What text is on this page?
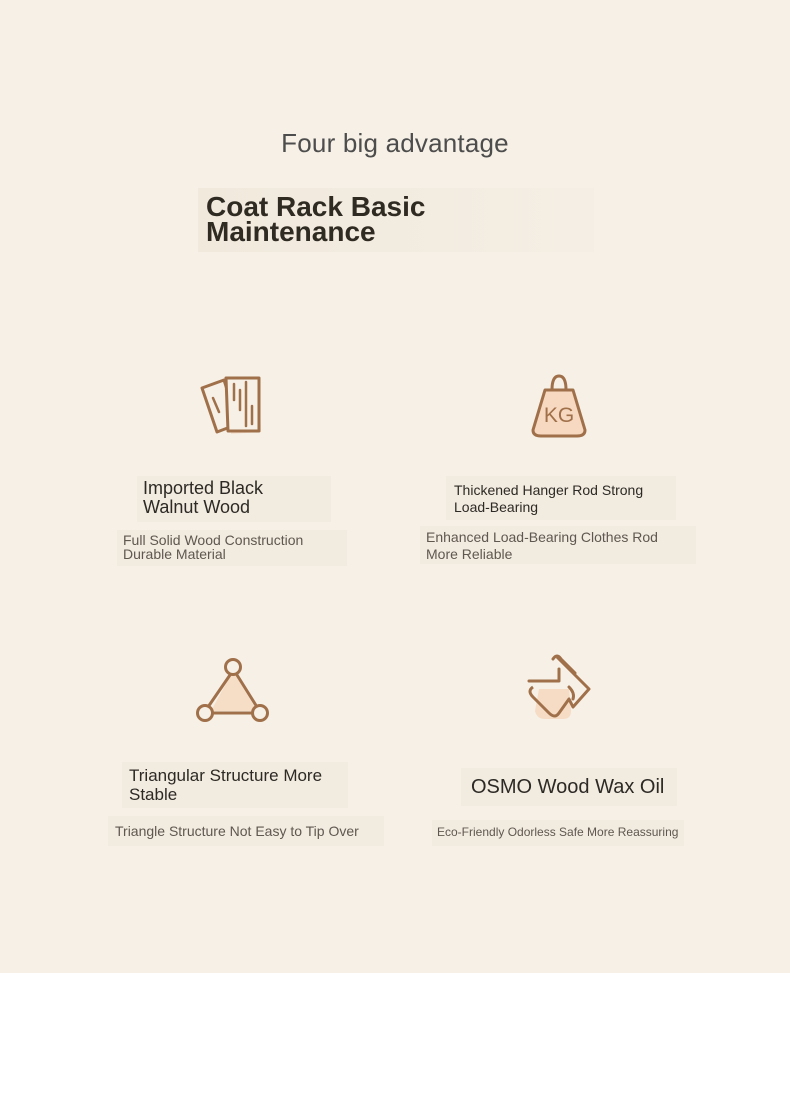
Four big advantage
Coat Rack Basic
Maintenance
Imported Black
Walnut Wood
Full Solid Wood Construction
Durable Material
KG
Thickened Hanger Rod Strong
Load-Bearing
Enhanced Load-Bearing Clothes Rod
More Reliable
Triangular Structure More
Stable
Triangle Structure Not Easy to Tip Over
OSMO Wood Wax Oil
Eco-Friendly Odorless Safe More Reassuring
